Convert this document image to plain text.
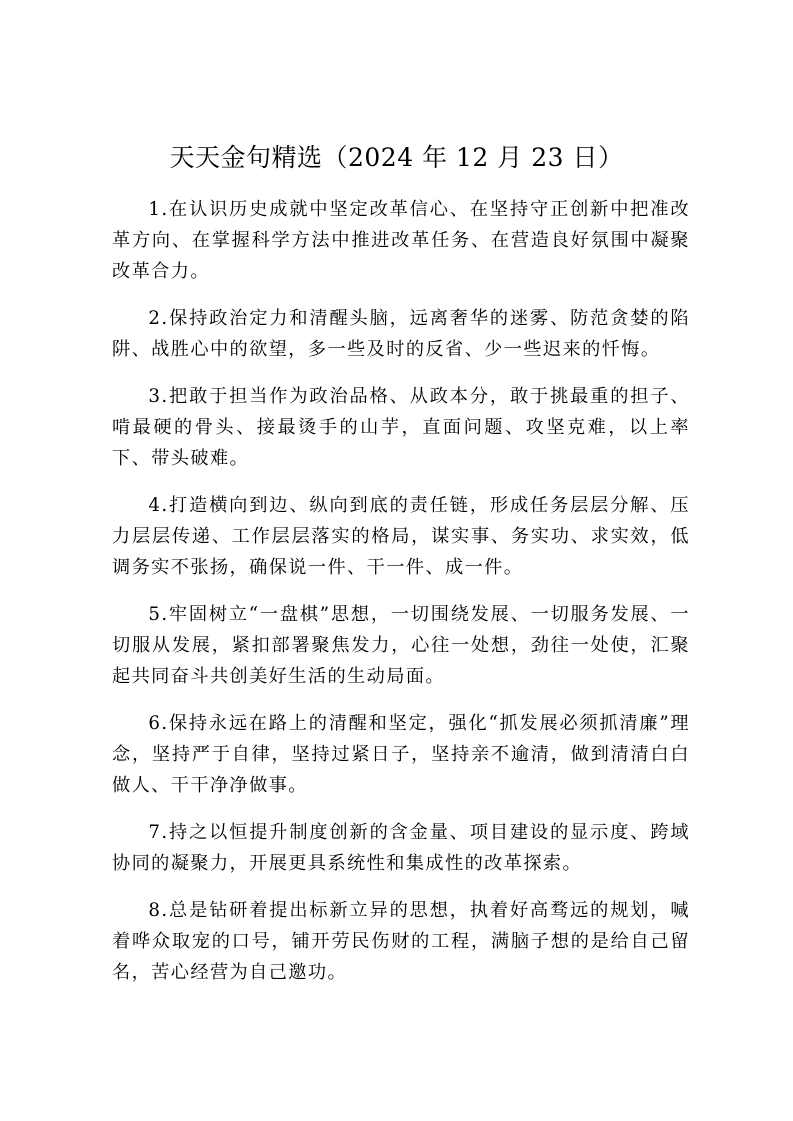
天天金句精选（2024 年 12 月 23 日）

1.在认识历史成就中坚定改革信心、在坚持守正创新中把准改革方向、在掌握科学方法中推进改革任务、在营造良好氛围中凝聚改革合力。

2.保持政治定力和清醒头脑，远离奢华的迷雾、防范贪婪的陷阱、战胜心中的欲望，多一些及时的反省、少一些迟来的忏悔。

3.把敢于担当作为政治品格、从政本分，敢于挑最重的担子、啃最硬的骨头、接最烫手的山芋，直面问题、攻坚克难，以上率下、带头破难。

4.打造横向到边、纵向到底的责任链，形成任务层层分解、压力层层传递、工作层层落实的格局，谋实事、务实功、求实效，低调务实不张扬，确保说一件、干一件、成一件。

5.牢固树立“一盘棋”思想，一切围绕发展、一切服务发展、一切服从发展，紧扣部署聚焦发力，心往一处想，劲往一处使，汇聚起共同奋斗共创美好生活的生动局面。

6.保持永远在路上的清醒和坚定，强化“抓发展必须抓清廉”理念，坚持严于自律，坚持过紧日子，坚持亲不逾清，做到清清白白做人、干干净净做事。

7.持之以恒提升制度创新的含金量、项目建设的显示度、跨域协同的凝聚力，开展更具系统性和集成性的改革探索。

8.总是钻研着提出标新立异的思想，执着好高骛远的规划，喊着哗众取宠的口号，铺开劳民伤财的工程，满脑子想的是给自己留名，苦心经营为自己邀功。
